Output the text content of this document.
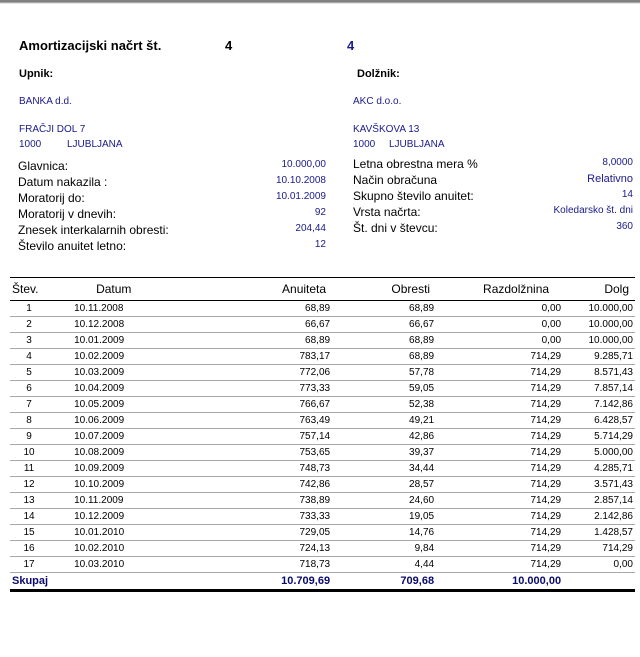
Amortizacijski načrt št.	4	4
Upnik:
BANKA d.d.
FRAČJI DOL 7
1000	LJUBLJANA
Dolžnik:
AKC d.o.o.
KAVŠKOVA 13
1000 LJUBLJANA
Glavnica:	10.000,00
Datum nakazila :	10.10.2008
Moratorij do:	10.01.2009
Moratorij v dnevih:	92
Znesek interkalarnih obresti:	204,44
Število anuitet letno:	12
Letna obrestna mera %	8,0000
Način obračuna	Relativno
Skupno število anuitet:	14
Vrsta načrta:	Koledarsko št. dni
Št. dni v števcu:	360
Štev.	Datum	Anuiteta	Obresti	Razdolžnina	Dolg
1	10.11.2008	68,89	68,89	0,00	10.000,00
2	10.12.2008	66,67	66,67	0,00	10.000,00
3	10.01.2009	68,89	68,89	0,00	10.000,00
4	10.02.2009	783,17	68,89	714,29	9.285,71
5	10.03.2009	772,06	57,78	714,29	8.571,43
6	10.04.2009	773,33	59,05	714,29	7.857,14
7	10.05.2009	766,67	52,38	714,29	7.142,86
8	10.06.2009	763,49	49,21	714,29	6.428,57
9	10.07.2009	757,14	42,86	714,29	5.714,29
10	10.08.2009	753,65	39,37	714,29	5.000,00
11	10.09.2009	748,73	34,44	714,29	4.285,71
12	10.10.2009	742,86	28,57	714,29	3.571,43
13	10.11.2009	738,89	24,60	714,29	2.857,14
14	10.12.2009	733,33	19,05	714,29	2.142,86
15	10.01.2010	729,05	14,76	714,29	1.428,57
16	10.02.2010	724,13	9,84	714,29	714,29
17	10.03.2010	718,73	4,44	714,29	0,00
Skupaj		10.709,69	709,68	10.000,00	
